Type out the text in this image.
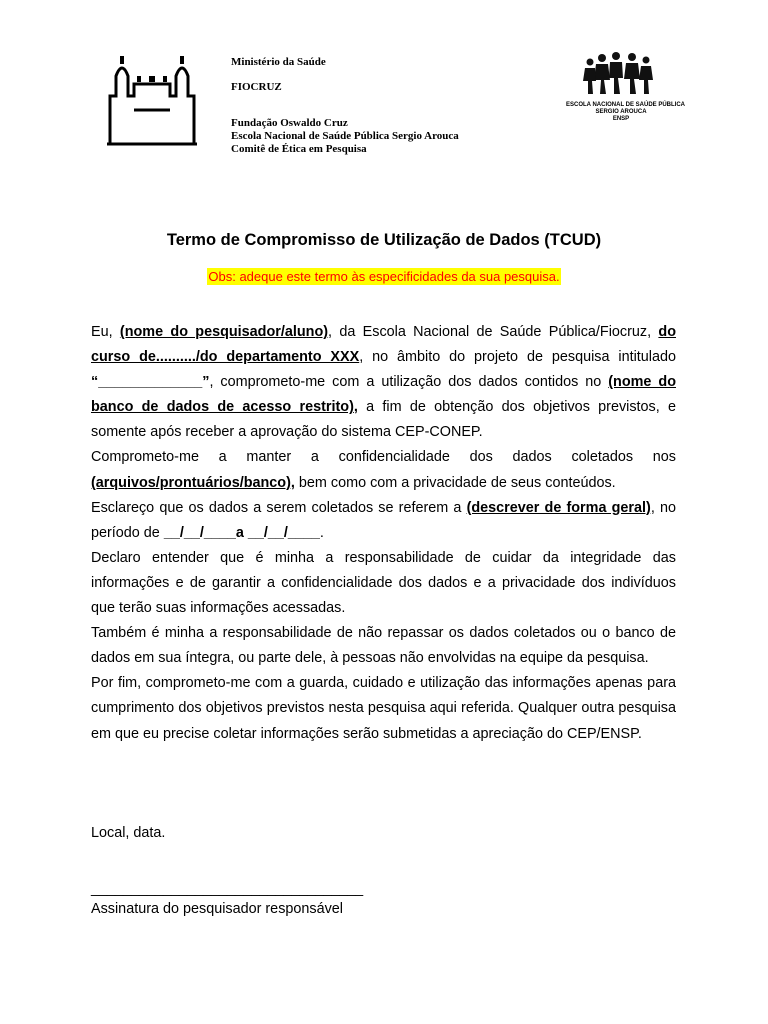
Ministério da Saúde
FIOCRUZ
Fundação Oswaldo Cruz
Escola Nacional de Saúde Pública Sergio Arouca
Comitê de Ética em Pesquisa
ESCOLA NACIONAL DE SAÚDE PÚBLICA
SERGIO AROUCA
ENSP
Termo de Compromisso de Utilização de Dados (TCUD)
Obs: adeque este termo às especificidades da sua pesquisa.

Eu, (nome do pesquisador/aluno), da Escola Nacional de Saúde Pública/Fiocruz, do curso de........../do departamento XXX, no âmbito do projeto de pesquisa intitulado “_____________”, comprometo-me com a utilização dos dados contidos no (nome do banco de dados de acesso restrito), a fim de obtenção dos objetivos previstos, e somente após receber a aprovação do sistema CEP-CONEP.

Comprometo-me a manter a confidencialidade dos dados coletados nos (arquivos/prontuários/banco), bem como com a privacidade de seus conteúdos.

Esclareço que os dados a serem coletados se referem a (descrever de forma geral), no período de __/__/____a __/__/____.

Declaro entender que é minha a responsabilidade de cuidar da integridade das informações e de garantir a confidencialidade dos dados e a privacidade dos indivíduos que terão suas informações acessadas.

Também é minha a responsabilidade de não repassar os dados coletados ou o banco de dados em sua íntegra, ou parte dele, à pessoas não envolvidas na equipe da pesquisa.

Por fim, comprometo-me com a guarda, cuidado e utilização das informações apenas para cumprimento dos objetivos previstos nesta pesquisa aqui referida. Qualquer outra pesquisa em que eu precise coletar informações serão submetidas a apreciação do CEP/ENSP.

Local, data.
__________________________________
Assinatura do pesquisador responsável
